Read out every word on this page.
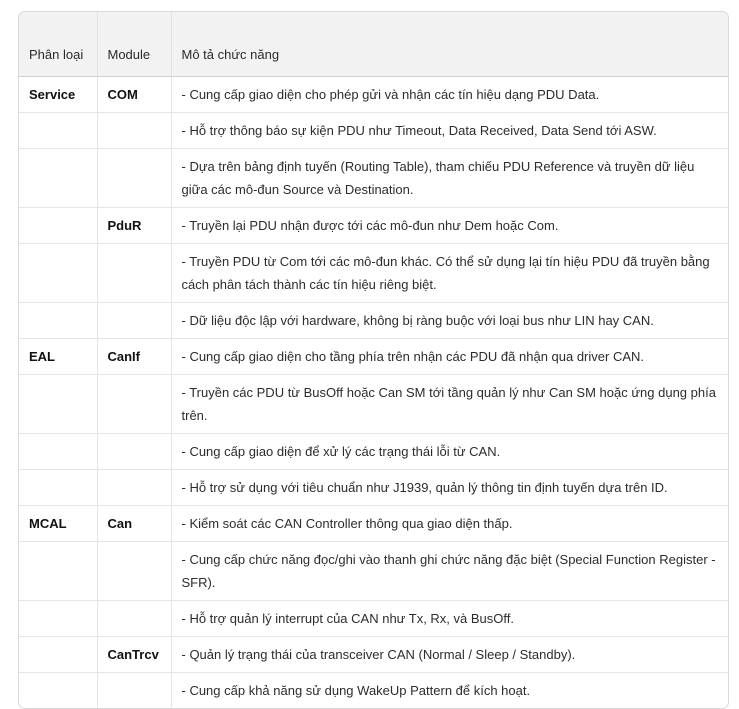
Phân loại	Module	Mô tả chức năng
Service	COM	- Cung cấp giao diện cho phép gửi và nhận các tín hiệu dạng PDU Data.
		- Hỗ trợ thông báo sự kiện PDU như Timeout, Data Received, Data Send tới ASW.
		- Dựa trên bảng định tuyến (Routing Table), tham chiếu PDU Reference và truyền dữ liệu giữa các mô-đun Source và Destination.
	PduR	- Truyền lại PDU nhận được tới các mô-đun như Dem hoặc Com.
		- Truyền PDU từ Com tới các mô-đun khác. Có thể sử dụng lại tín hiệu PDU đã truyền bằng cách phân tách thành các tín hiệu riêng biệt.
		- Dữ liệu độc lập với hardware, không bị ràng buộc với loại bus như LIN hay CAN.
EAL	CanIf	- Cung cấp giao diện cho tầng phía trên nhận các PDU đã nhận qua driver CAN.
		- Truyền các PDU từ BusOff hoặc Can SM tới tầng quản lý như Can SM hoặc ứng dụng phía trên.
		- Cung cấp giao diện để xử lý các trạng thái lỗi từ CAN.
		- Hỗ trợ sử dụng với tiêu chuẩn như J1939, quản lý thông tin định tuyến dựa trên ID.
MCAL	Can	- Kiểm soát các CAN Controller thông qua giao diện thấp.
		- Cung cấp chức năng đọc/ghi vào thanh ghi chức năng đặc biệt (Special Function Register - SFR).
		- Hỗ trợ quản lý interrupt của CAN như Tx, Rx, và BusOff.
	CanTrcv	- Quản lý trạng thái của transceiver CAN (Normal / Sleep / Standby).
		- Cung cấp khả năng sử dụng WakeUp Pattern để kích hoạt.
